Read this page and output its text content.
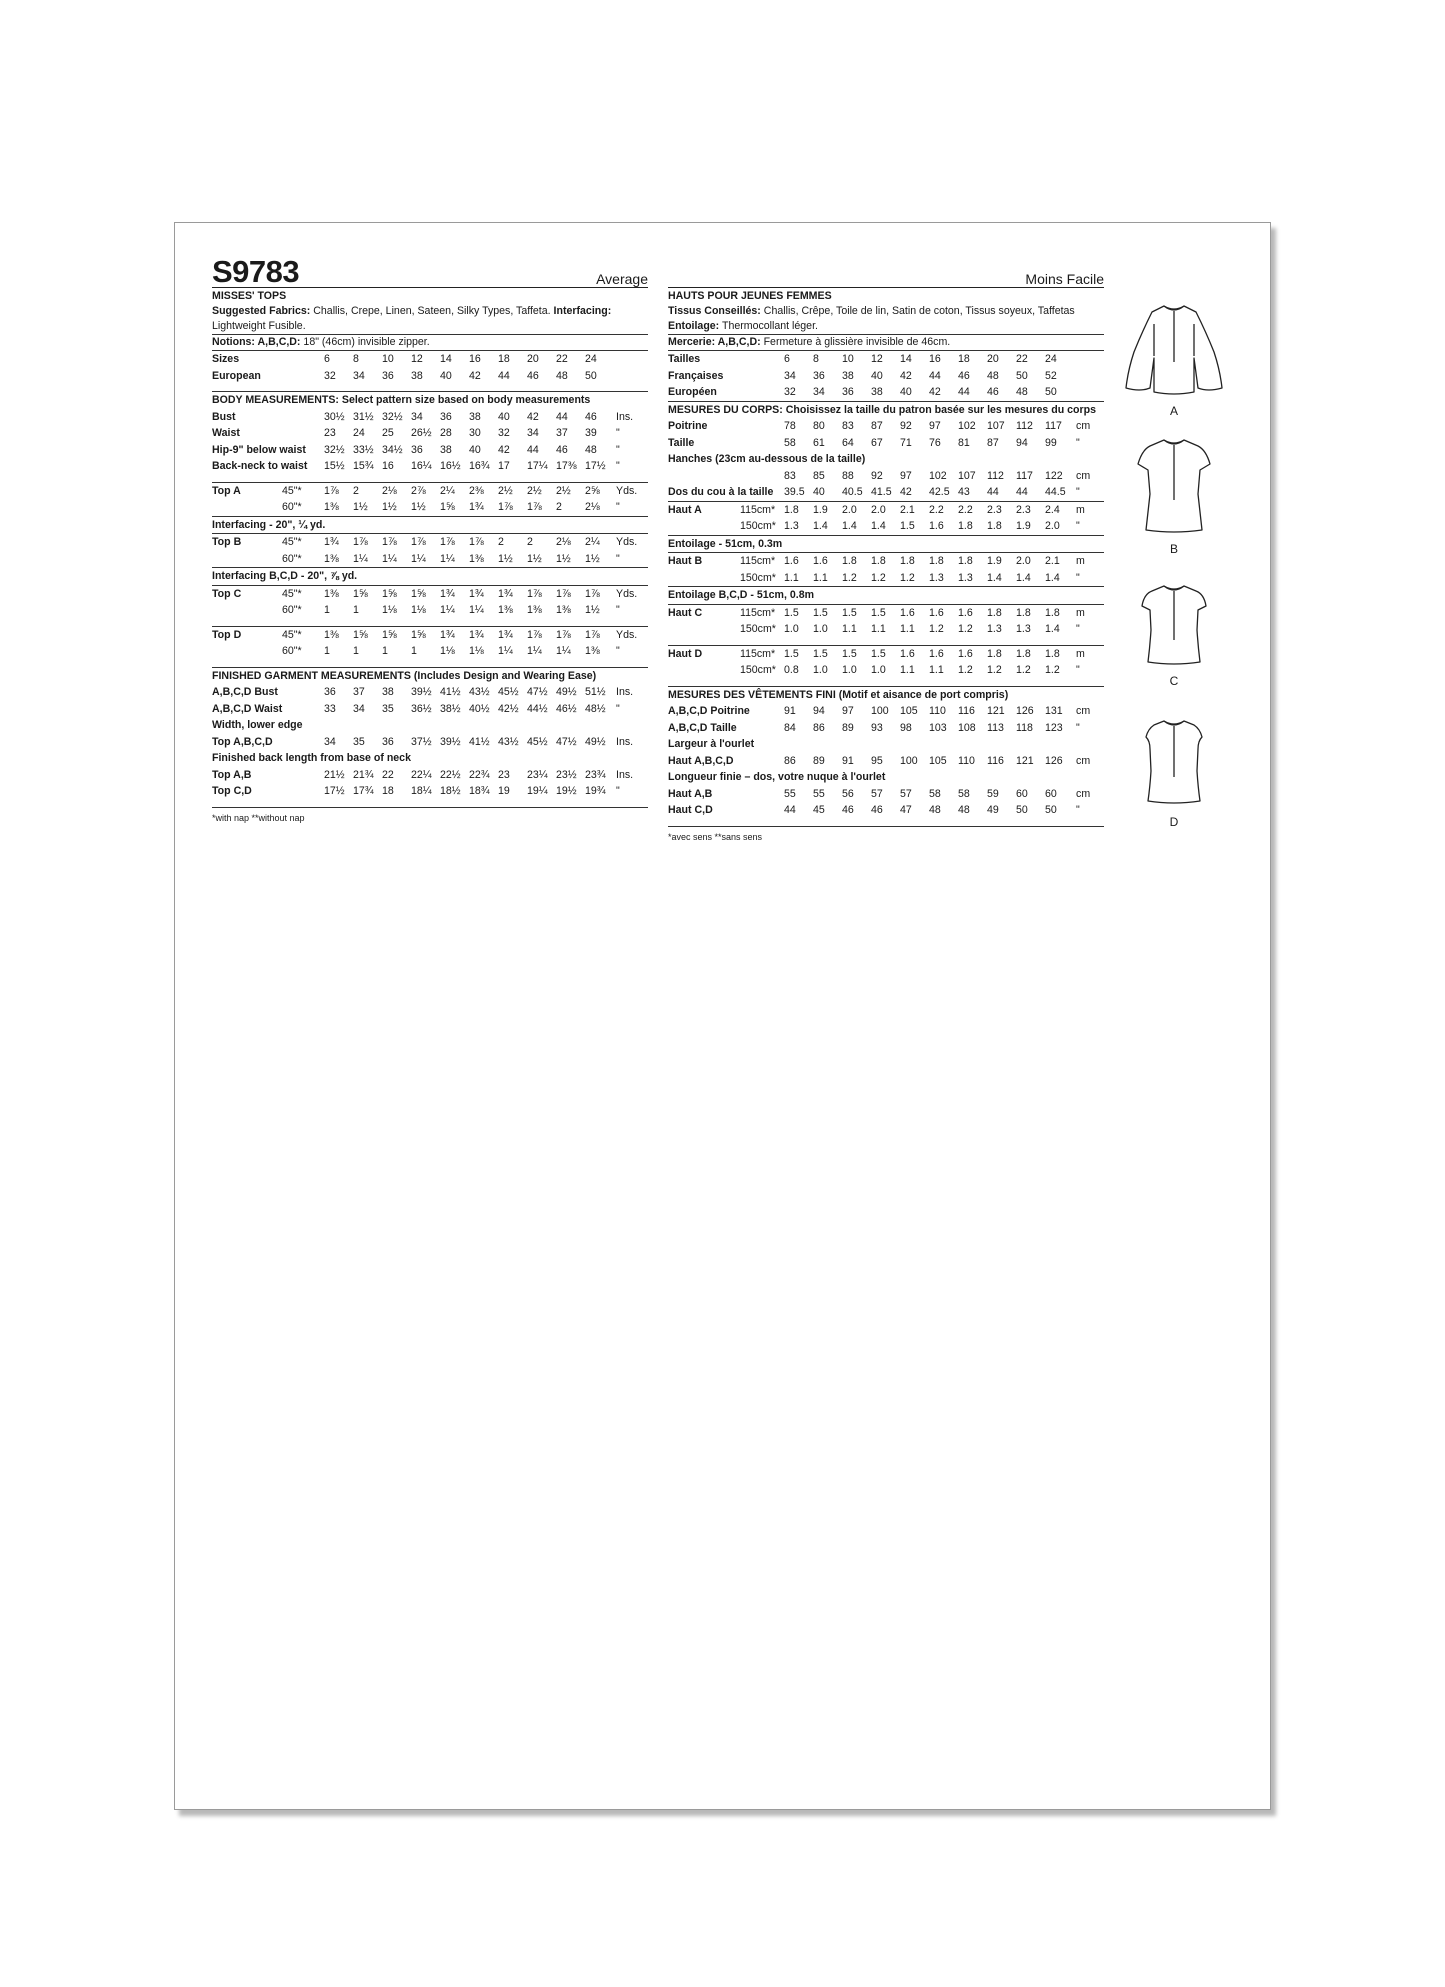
S9783	Average
MISSES' TOPS
Suggested Fabrics: Challis, Crepe, Linen, Sateen, Silky Types, Taffeta. Interfacing: Lightweight Fusible.
Notions: A,B,C,D: 18" (46cm) invisible zipper.
Sizes		6	8	10	12	14	16	18	20	22	24	
European		32	34	36	38	40	42	44	46	48	50	

BODY MEASUREMENTS: Select pattern size based on body measurements												
Bust		30½	31½	32½	34	36	38	40	42	44	46	Ins.
Waist		23	24	25	26½	28	30	32	34	37	39	"
Hip-9" below waist		32½	33½	34½	36	38	40	42	44	46	48	"
Back-neck to waist		15½	15¾	16	16¼	16½	16¾	17	17¼	17⅜	17½	"

Top A	45"*	1⅞	2	2⅛	2⅞	2¼	2⅜	2½	2½	2½	2⅝	Yds.
	60"*	1⅜	1½	1½	1½	1⅝	1¾	1⅞	1⅞	2	2⅛	"
Interfacing - 20", ¼ yd.												
Top B	45"*	1¾	1⅞	1⅞	1⅞	1⅞	1⅞	2	2	2⅛	2¼	Yds.
	60"*	1⅜	1¼	1¼	1¼	1¼	1⅜	1½	1½	1½	1½	"
Interfacing B,C,D - 20", ⅞ yd.												
Top C	45"*	1⅜	1⅝	1⅝	1⅝	1¾	1¾	1¾	1⅞	1⅞	1⅞	Yds.
	60"*	1	1	1⅛	1⅛	1¼	1¼	1⅜	1⅜	1⅜	1½	"

Top D	45"*	1⅜	1⅝	1⅝	1⅝	1¾	1¾	1¾	1⅞	1⅞	1⅞	Yds.
	60"*	1	1	1	1	1⅛	1⅛	1¼	1¼	1¼	1⅜	"

FINISHED GARMENT MEASUREMENTS (Includes Design and Wearing Ease)												
A,B,C,D Bust		36	37	38	39½	41½	43½	45½	47½	49½	51½	Ins.
A,B,C,D Waist		33	34	35	36½	38½	40½	42½	44½	46½	48½	"
Width, lower edge												
Top A,B,C,D		34	35	36	37½	39½	41½	43½	45½	47½	49½	Ins.
Finished back length from base of neck												
Top A,B		21½	21¾	22	22¼	22½	22¾	23	23¼	23½	23¾	Ins.
Top C,D		17½	17¾	18	18¼	18½	18¾	19	19¼	19½	19¾	"

*with nap **without nap
Moins Facile
HAUTS POUR JEUNES FEMMES
Tissus Conseillés: Challis, Crêpe, Toile de lin, Satin de coton, Tissus soyeux, Taffetas
Entoilage: Thermocollant léger.
Mercerie: A,B,C,D: Fermeture à glissière invisible de 46cm.
Tailles		6	8	10	12	14	16	18	20	22	24	
Françaises		34	36	38	40	42	44	46	48	50	52	
Européen		32	34	36	38	40	42	44	46	48	50	
MESURES DU CORPS: Choisissez la taille du patron basée sur les mesures du corps												
Poitrine		78	80	83	87	92	97	102	107	112	117	cm
Taille		58	61	64	67	71	76	81	87	94	99	"
Hanches (23cm au-dessous de la taille)												
		83	85	88	92	97	102	107	112	117	122	cm
Dos du cou à la taille		39.5	40	40.5	41.5	42	42.5	43	44	44	44.5	"
Haut A	115cm*	1.8	1.9	2.0	2.0	2.1	2.2	2.2	2.3	2.3	2.4	m
	150cm*	1.3	1.4	1.4	1.4	1.5	1.6	1.8	1.8	1.9	2.0	"
Entoilage - 51cm, 0.3m												
Haut B	115cm*	1.6	1.6	1.8	1.8	1.8	1.8	1.8	1.9	2.0	2.1	m
	150cm*	1.1	1.1	1.2	1.2	1.2	1.3	1.3	1.4	1.4	1.4	"
Entoilage B,C,D - 51cm, 0.8m												
Haut C	115cm*	1.5	1.5	1.5	1.5	1.6	1.6	1.6	1.8	1.8	1.8	m
	150cm*	1.0	1.0	1.1	1.1	1.1	1.2	1.2	1.3	1.3	1.4	"

Haut D	115cm*	1.5	1.5	1.5	1.5	1.6	1.6	1.6	1.8	1.8	1.8	m
	150cm*	0.8	1.0	1.0	1.0	1.1	1.1	1.2	1.2	1.2	1.2	"

MESURES DES VÊTEMENTS FINI (Motif et aisance de port compris)												
A,B,C,D Poitrine		91	94	97	100	105	110	116	121	126	131	cm
A,B,C,D Taille		84	86	89	93	98	103	108	113	118	123	"
Largeur à l'ourlet												
Haut A,B,C,D		86	89	91	95	100	105	110	116	121	126	cm
Longueur finie – dos, votre nuque à l'ourlet												
Haut A,B		55	55	56	57	57	58	58	59	60	60	cm
Haut C,D		44	45	46	46	47	48	48	49	50	50	"

*avec sens **sans sens
A
B
C
D
